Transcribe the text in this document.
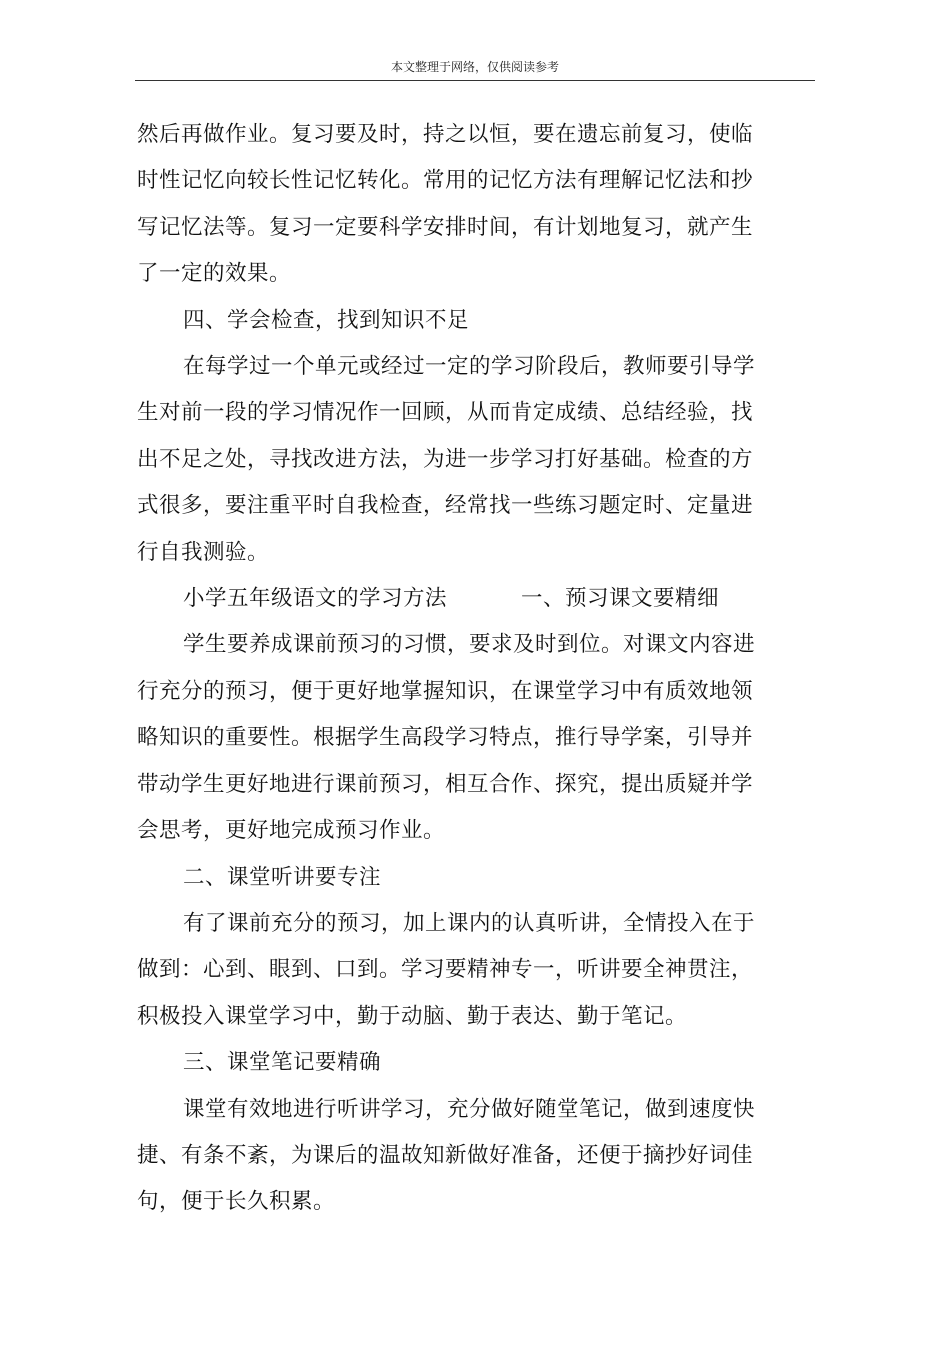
本文整理于网络，仅供阅读参考

然后再做作业。复习要及时，持之以恒，要在遗忘前复习，使临时性记忆向较长性记忆转化。常用的记忆方法有理解记忆法和抄写记忆法等。复习一定要科学安排时间，有计划地复习，就产生了一定的效果。

四、学会检查，找到知识不足

在每学过一个单元或经过一定的学习阶段后，教师要引导学生对前一段的学习情况作一回顾，从而肯定成绩、总结经验，找出不足之处，寻找改进方法，为进一步学习打好基础。检查的方式很多，要注重平时自我检查，经常找一些练习题定时、定量进行自我测验。

小学五年级语文的学习方法	一、预习课文要精细

学生要养成课前预习的习惯，要求及时到位。对课文内容进行充分的预习，便于更好地掌握知识，在课堂学习中有质效地领略知识的重要性。根据学生高段学习特点，推行导学案，引导并带动学生更好地进行课前预习，相互合作、探究，提出质疑并学会思考，更好地完成预习作业。

二、课堂听讲要专注

有了课前充分的预习，加上课内的认真听讲，全情投入在于做到：心到、眼到、口到。学习要精神专一，听讲要全神贯注，积极投入课堂学习中，勤于动脑、勤于表达、勤于笔记。

三、课堂笔记要精确

课堂有效地进行听讲学习，充分做好随堂笔记，做到速度快捷、有条不紊，为课后的温故知新做好准备，还便于摘抄好词佳句，便于长久积累。
